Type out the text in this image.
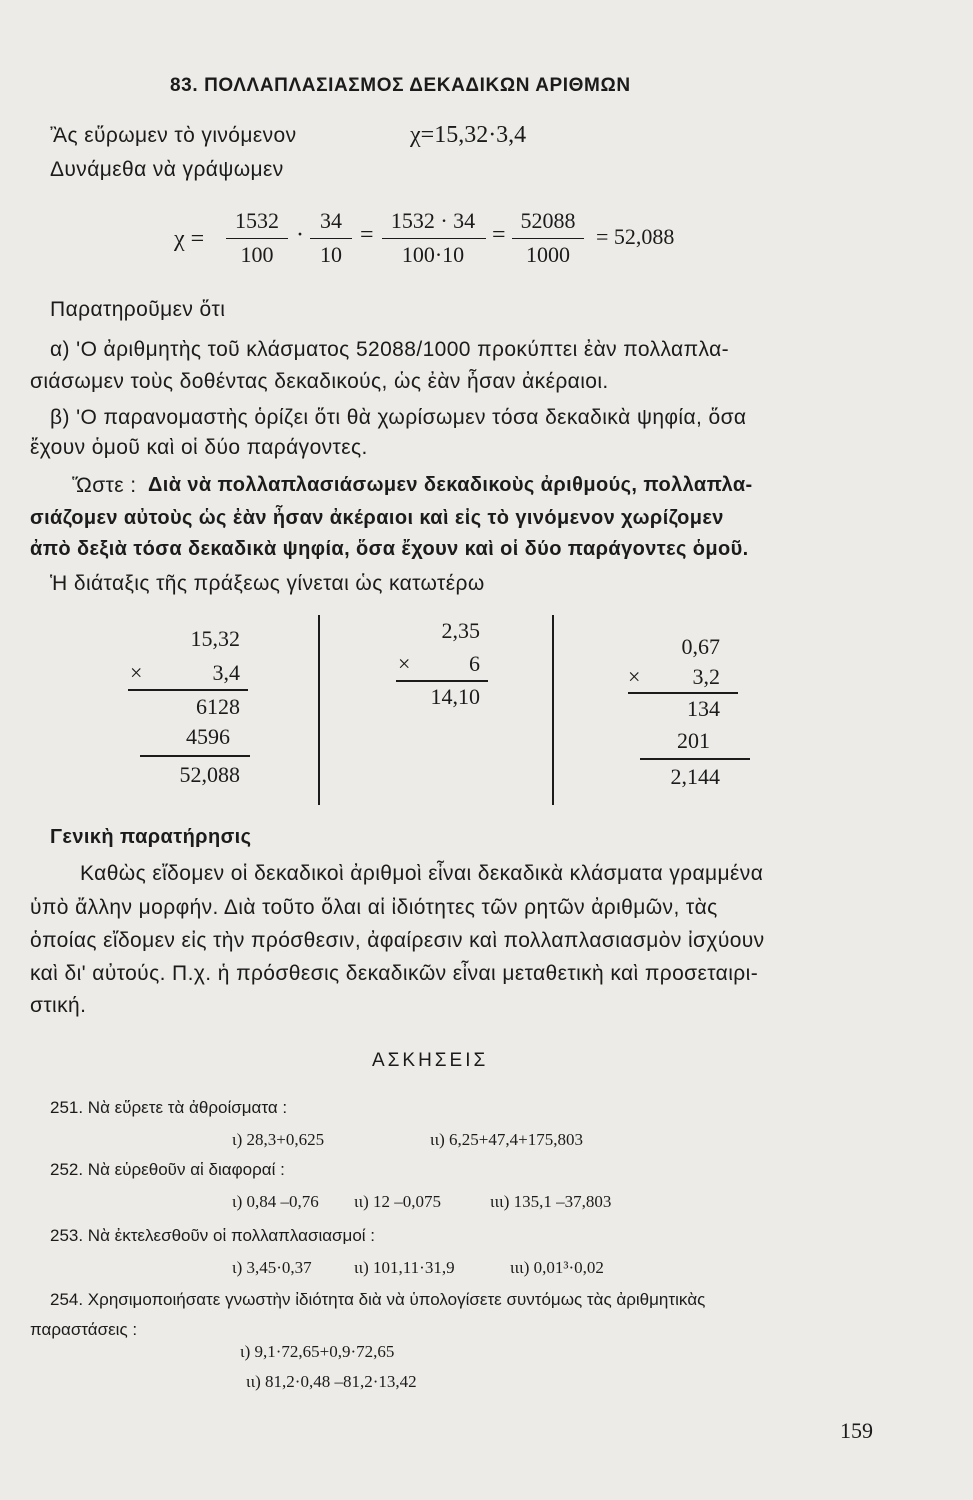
83. ΠΟΛΛΑΠΛΑΣΙΑΣΜΟΣ ΔΕΚΑΔΙΚΩΝ ΑΡΙΘΜΩΝ
Ἂς εὕρωμεν τὸ γινόμενον	χ=15,32·3,4
Δυνάμεθα νὰ γράψωμεν
χ =
1532
100
·
34
10
=
1532 · 34
100·10
=
52088
1000
= 52,088
Παρατηροῦμεν ὅτι
α) 'Ο ἀριθμητὴς τοῦ κλάσματος 52088/1000 προκύπτει ἐὰν πολλαπλα-
σιάσωμεν τοὺς δοθέντας δεκαδικούς, ὡς ἐὰν ἦσαν ἀκέραιοι.
β) 'Ο παρανομαστὴς ὁρίζει ὅτι θὰ χωρίσωμεν τόσα δεκαδικὰ ψηφία, ὅσα
ἔχουν ὁμοῦ καὶ οἱ δύο παράγοντες.
Ὥστε : Διὰ νὰ πολλαπλασιάσωμεν δεκαδικοὺς ἀριθμούς, πολλαπλα-
σιάζομεν αὐτοὺς ὡς ἐὰν ἦσαν ἀκέραιοι καὶ εἰς τὸ γινόμενον χωρίζομεν
ἀπὸ δεξιὰ τόσα δεκαδικὰ ψηφία, ὅσα ἔχουν καὶ οἱ δύο παράγοντες ὁμοῦ.
Ἡ διάταξις τῆς πράξεως γίνεται ὡς κατωτέρω
15,32
×	3,4
6128
4596
52,088
2,35
×	6
14,10
0,67
×	3,2
134
201
2,144
Γενικὴ παρατήρησις
Καθὼς εἴδομεν οἱ δεκαδικοὶ ἀριθμοὶ εἶναι δεκαδικὰ κλάσματα γραμμένα
ὑπὸ ἄλλην μορφήν. Διὰ τοῦτο ὅλαι αἱ ἰδιότητες τῶν ρητῶν ἀριθμῶν, τὰς
ὁποίας εἴδομεν εἰς τὴν πρόσθεσιν, ἀφαίρεσιν καὶ πολλαπλασιασμὸν ἰσχύουν
καὶ δι' αὐτούς. Π.χ. ἡ πρόσθεσις δεκαδικῶν εἶναι μεταθετικὴ καὶ προσεταιρι-
στική.
ΑΣΚΗΣΕΙΣ
251. Νὰ εὕρετε τὰ ἀθροίσματα :
ι) 28,3+0,625	ιι) 6,25+47,4+175,803
252. Νὰ εὑρεθοῦν αἱ διαφοραί :
ι) 0,84 –0,76 ιι) 12 –0,075	ιιι) 135,1 –37,803
253. Νὰ ἐκτελεσθοῦν οἱ πολλαπλασιασμοί :
ι) 3,45·0,37 ιι) 101,11·31,9	ιιι) 0,01³·0,02
254. Χρησιμοποιήσατε γνωστὴν ἰδιότητα διὰ νὰ ὑπολογίσετε συντόμως τὰς ἀριθμητικὰς
παραστάσεις :
ι) 9,1·72,65+0,9·72,65
ιι) 81,2·0,48 –81,2·13,42
159
